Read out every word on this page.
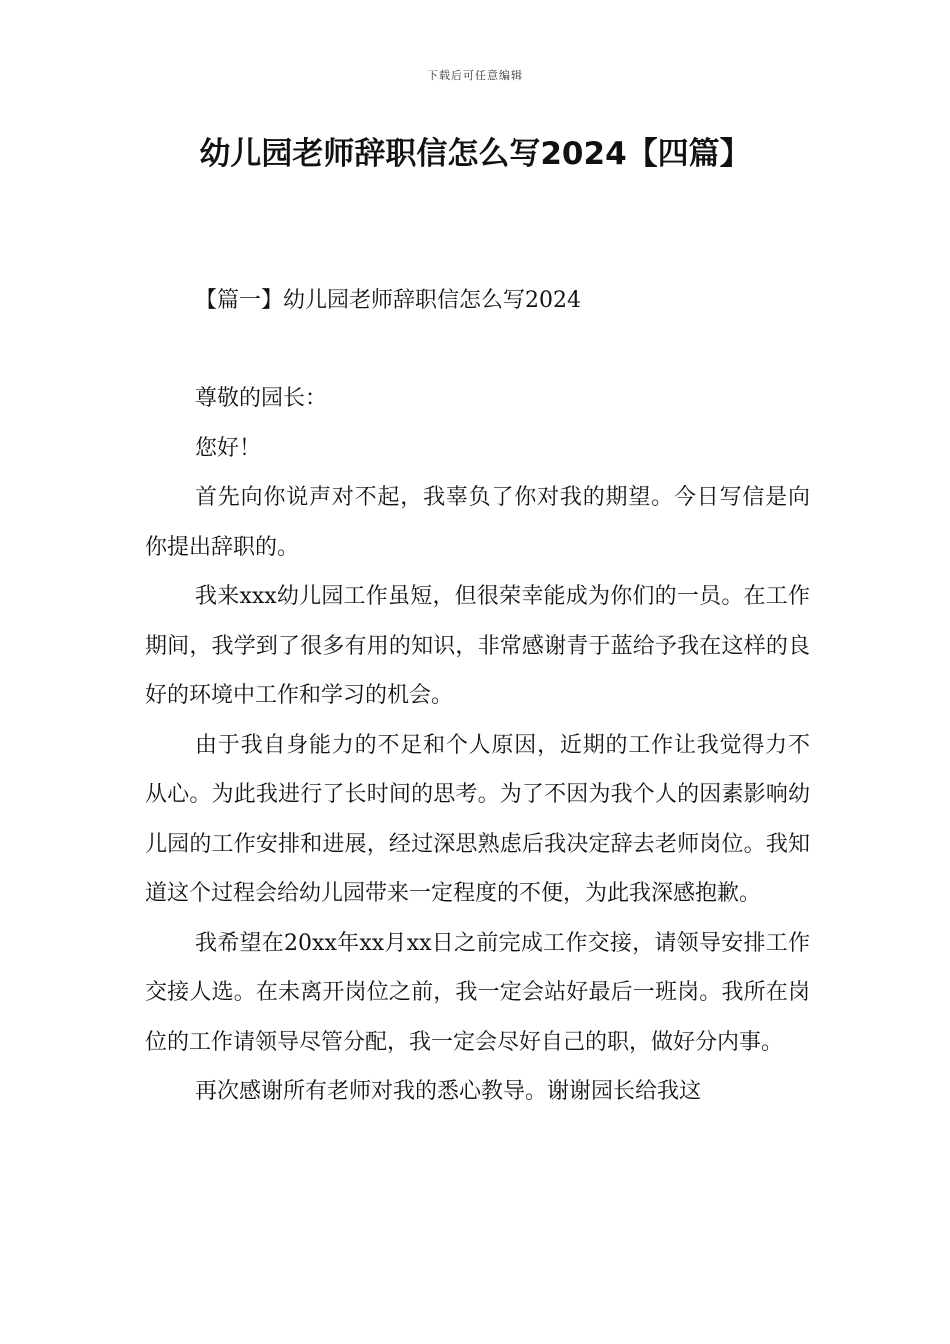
下载后可任意编辑
幼儿园老师辞职信怎么写2024【四篇】
【篇一】幼儿园老师辞职信怎么写2024
尊敬的园长：
您好！

首先向你说声对不起，我辜负了你对我的期望。今日写信是向你提出辞职的。

我来xxx幼儿园工作虽短，但很荣幸能成为你们的一员。在工作期间，我学到了很多有用的知识，非常感谢青于蓝给予我在这样的良好的环境中工作和学习的机会。

由于我自身能力的不足和个人原因，近期的工作让我觉得力不从心。为此我进行了长时间的思考。为了不因为我个人的因素影响幼儿园的工作安排和进展，经过深思熟虑后我决定辞去老师岗位。我知道这个过程会给幼儿园带来一定程度的不便，为此我深感抱歉。

我希望在20xx年xx月xx日之前完成工作交接，请领导安排工作交接人选。在未离开岗位之前，我一定会站好最后一班岗。我所在岗位的工作请领导尽管分配，我一定会尽好自己的职，做好分内事。

再次感谢所有老师对我的悉心教导。谢谢园长给我这
